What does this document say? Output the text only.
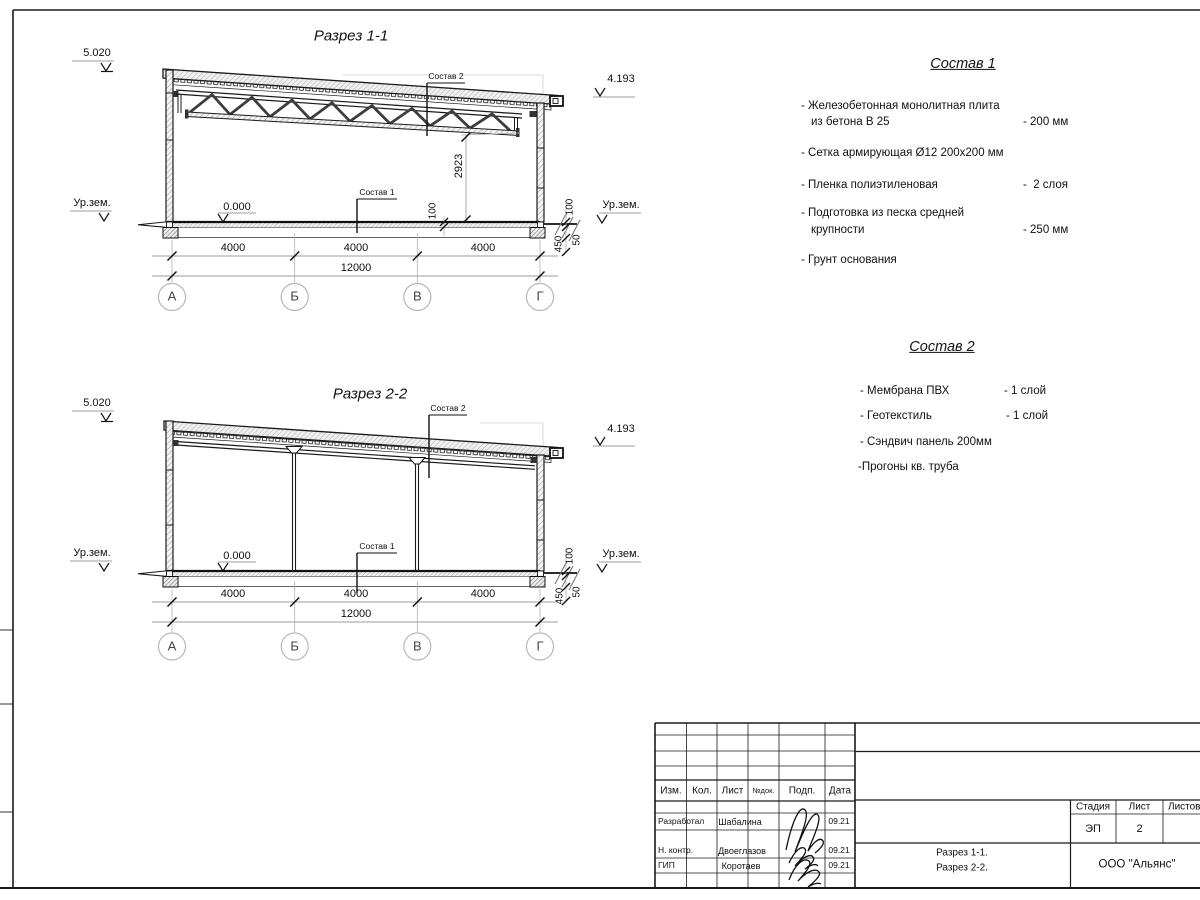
Разрез 1-1
5.020
4.193
Состав 2
Состав 1
2923
Ур.зем.	Ур.зем.
0.000	100	100
450 50
4000	4000	4000
12000
А	Б	В	Г
Разрез 2-2
5.020
4.193
Состав 2
Состав 1
Ур.зем.	Ур.зем.
0.000	100
450 50
4000	4000	4000
12000
А	Б	В	Г
Состав 1
- Железобетонная монолитная плита
из бетона В 25	- 200 мм
- Сетка армирующая Ø12 200x200 мм
- Пленка полиэтиленовая	-  2 слоя
- Подготовка из песка средней
крупности	- 250 мм
- Грунт основания
Состав 2
- Мембрана ПВХ	- 1 слой
- Геотекстиль	- 1 слой
- Сэндвич панель 200мм
-Прогоны кв. труба
Изм. Кол. Лист №док. Подп. Дата
Разработал Шабалина	09.21
Н. контр.	Двоеглазов	09.21
ГИП	Коротаев	09.21
Стадия Лист Листов
ЭП	2
Разрез 1-1.
Разрез 2-2.	ООО "Альянс"
